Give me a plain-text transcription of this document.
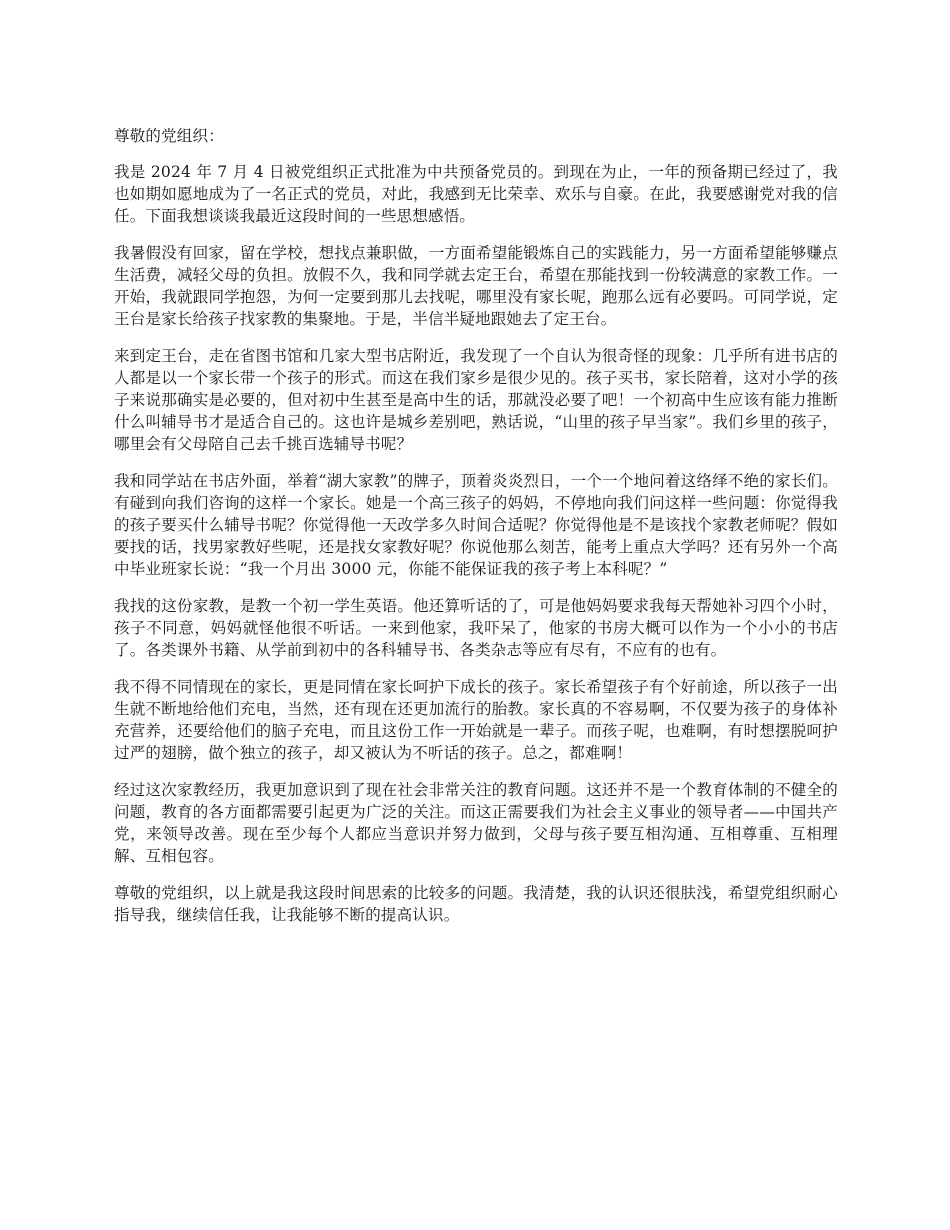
尊敬的党组织：

我是 2024 年 7 月 4 日被党组织正式批准为中共预备党员的。到现在为止，一年的预备期已经过了，我也如期如愿地成为了一名正式的党员，对此，我感到无比荣幸、欢乐与自豪。在此，我要感谢党对我的信任。下面我想谈谈我最近这段时间的一些思想感悟。

我暑假没有回家，留在学校，想找点兼职做，一方面希望能锻炼自己的实践能力，另一方面希望能够赚点生活费，减轻父母的负担。放假不久，我和同学就去定王台，希望在那能找到一份较满意的家教工作。一开始，我就跟同学抱怨，为何一定要到那儿去找呢，哪里没有家长呢，跑那么远有必要吗。可同学说，定王台是家长给孩子找家教的集聚地。于是，半信半疑地跟她去了定王台。

来到定王台，走在省图书馆和几家大型书店附近，我发现了一个自认为很奇怪的现象：几乎所有进书店的人都是以一个家长带一个孩子的形式。而这在我们家乡是很少见的。孩子买书，家长陪着，这对小学的孩子来说那确实是必要的，但对初中生甚至是高中生的话，那就没必要了吧！一个初高中生应该有能力推断什么叫辅导书才是适合自己的。这也许是城乡差别吧，熟话说，“山里的孩子早当家”。我们乡里的孩子，哪里会有父母陪自己去千挑百选辅导书呢？

我和同学站在书店外面，举着“湖大家教”的牌子，顶着炎炎烈日，一个一个地问着这络绎不绝的家长们。有碰到向我们咨询的这样一个家长。她是一个高三孩子的妈妈，不停地向我们问这样一些问题：你觉得我的孩子要买什么辅导书呢？你觉得他一天改学多久时间合适呢？你觉得他是不是该找个家教老师呢？假如要找的话，找男家教好些呢，还是找女家教好呢？你说他那么刻苦，能考上重点大学吗？还有另外一个高中毕业班家长说：“我一个月出 3000 元，你能不能保证我的孩子考上本科呢？”

我找的这份家教，是教一个初一学生英语。他还算听话的了，可是他妈妈要求我每天帮她补习四个小时，孩子不同意，妈妈就怪他很不听话。一来到他家，我吓呆了，他家的书房大概可以作为一个小小的书店了。各类课外书籍、从学前到初中的各科辅导书、各类杂志等应有尽有，不应有的也有。

我不得不同情现在的家长，更是同情在家长呵护下成长的孩子。家长希望孩子有个好前途，所以孩子一出生就不断地给他们充电，当然，还有现在还更加流行的胎教。家长真的不容易啊，不仅要为孩子的身体补充营养，还要给他们的脑子充电，而且这份工作一开始就是一辈子。而孩子呢，也难啊，有时想摆脱呵护过严的翅膀，做个独立的孩子，却又被认为不听话的孩子。总之，都难啊！

经过这次家教经历，我更加意识到了现在社会非常关注的教育问题。这还并不是一个教育体制的不健全的问题，教育的各方面都需要引起更为广泛的关注。而这正需要我们为社会主义事业的领导者——中国共产党，来领导改善。现在至少每个人都应当意识并努力做到，父母与孩子要互相沟通、互相尊重、互相理解、互相包容。

尊敬的党组织，以上就是我这段时间思索的比较多的问题。我清楚，我的认识还很肤浅，希望党组织耐心指导我，继续信任我，让我能够不断的提高认识。
